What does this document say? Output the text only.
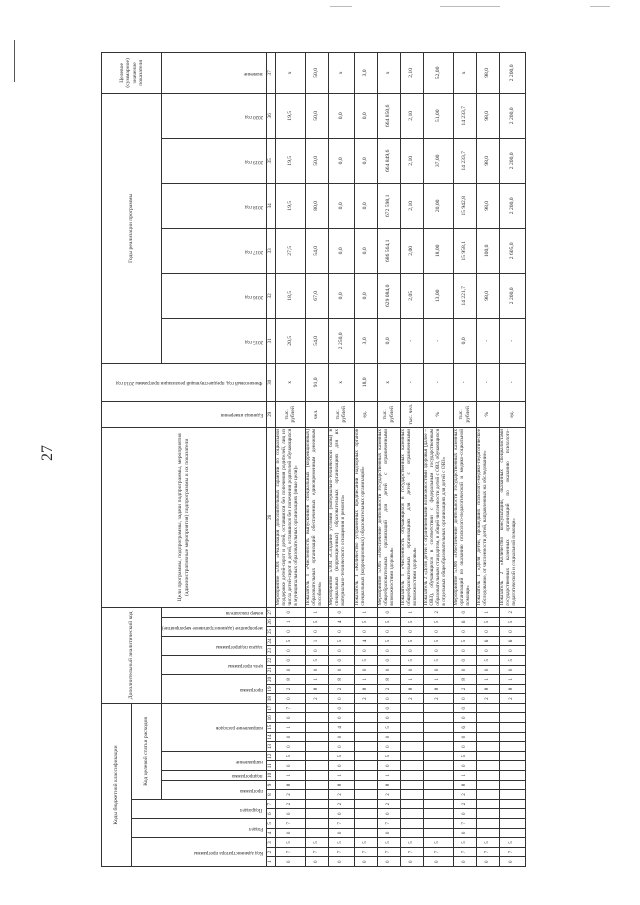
27
Коды бюджетной классификации																	Дополнительный аналитический код										Цели программы, подпрограммы, задачи подпрограммы, мероприятия (административные мероприятия) подпрограммы и их показатели	Единица измерения	Финансовый год, предшествующий реализации программы 2014 год	Годы реализации программы						Целевое (суммарное) значение показателя
Код администратора программы			Раздел		Подраздел		Код целевой статьи расходов																													
							программа		подпрограмма	направление		направление расходов					программа			цель программы		задача подпрограммы		мероприятие (административное мероприятие)		номер показателя				2015 год	2016 год	2017 год	2018 год	2019 год	2020 год	значение
1	2	3	4	5	6	7	8	9	10	11	12	13	14	15	16	17	18	19	20	21	22	23	24	25	26	27	28	29	30	31	32	33	34	35	36	37
0	7	5	0	7	0	2	2	8	1	0	5	0	0	1	0	7	0	2	8	0	0	0	5	0	1	0	Мероприятие 5.001 «Реализация дополнительных гарантий по социальной поддержке детей-сирот и детей, оставшихся без попечения родителей, лиц из числа детей-сирот и детей, оставшихся без попечения родителей обучающихся в муниципальных образовательных организациях (иные цели)»	тыс. рублей	х	20,5	18,5	27,5	19,5	19,5	19,5	х
0	7	5															2	8	1	0	5	0	1	0	5	1	Показатель 1 «Численность выпускников специальных (коррекционных) образовательных организаций обеспеченных единовременным денежным пособием»	чел.	91,0	54,0	67,0	54,0	80,0	50,0	50,0	50,0
0	7	5	0	7	0	2	2	8	1	0	5	0	0	4	0	0	0	2	8	0	0	0	5	0	4	0	Мероприятие 5.004 «Создание условий (материально-технической базы) в специальных (коррекционных) образовательных организациях для их материально-технического оснащения и ремонта»	тыс. рублей	х	2 250,0	0,0	0,0	0,0	0,0	0,0	х
0	7	5															2	8	1	0	5	0	4	0	5	1	Показатель 1 «Количество устраненных предписаний надзорных органов специальных (коррекционных) образовательных организаций»	ед.	18,0	3,0	0,0	0,0	0,0	0,0	0,0	3,0
0	7	5	0	7	0	2	2	8	1	0	5	0	0	5	0	0	0	2	8	0	0	0	5	0	5	0	Мероприятие 5.005 «Обеспечение деятельности государственных казенных общеобразовательных организаций для детей с ограниченными возможностями здоровья»	тыс. рублей	х	0,0	629 084,0	686 564,1	672 598,1	664 849,6	664 850,6	х
0	7	5															2	8	1	0	5	0	5	0	5	1	Показатель 1 «Численность обучающихся в государственных казенных общеобразовательных организациях для детей с ограниченными возможностями здоровья»	тыс. чел.	-	-	2,05	2,00	2,10	2,10	2,10	2,10
0	7	5															2	8	1	0	5	0	5	0	5	2	Показатель 2 «Доля детей с ограниченными возможностями здоровья (далее – ОВЗ), обучающихся в соответствии с федеральным государственным образовательным стандартом, в общей численности детей с ОВЗ, обучающихся в отдельных общеобразовательных организациях для детей с ОВЗ»	%	-	-	13,00	18,00	20,00	37,00	51,00	52,00
0	7	5	0	7	0	2	2	8	1	0	5	0	0	6	0	0	0	2	8	0	0	0	5	0	6	0	Мероприятие 5.006 «Обеспечение деятельности государственных казенных организаций по оказанию психолого-педагогической и медико-социальной помощи»	тыс. рублей	-	0,0	14 221,7	15 958,1	15 942,8	14 233,7	14 233,7	х
0	7	5															2	8	1	0	5	0	6	0	5	1	Показатель 1 «Доля детей, прошедших психолого-медико-педагогическое обследование, от численности детей, направленных на обследование»	%	-	-	98,0	100,0	98,0	98,0	98,0	98,0
0	7	5															2	8	1	0	5	0	6	0	5	2	Показатель 2 «Количество консультаций, оказанных специалистами государственных казенных организаций по оказанию психолого-педагогической и социальной помощи»	ед.	-	-	2 200,0	2 605,0	2 200,0	2 200,0	2 200,0	2 200,0
